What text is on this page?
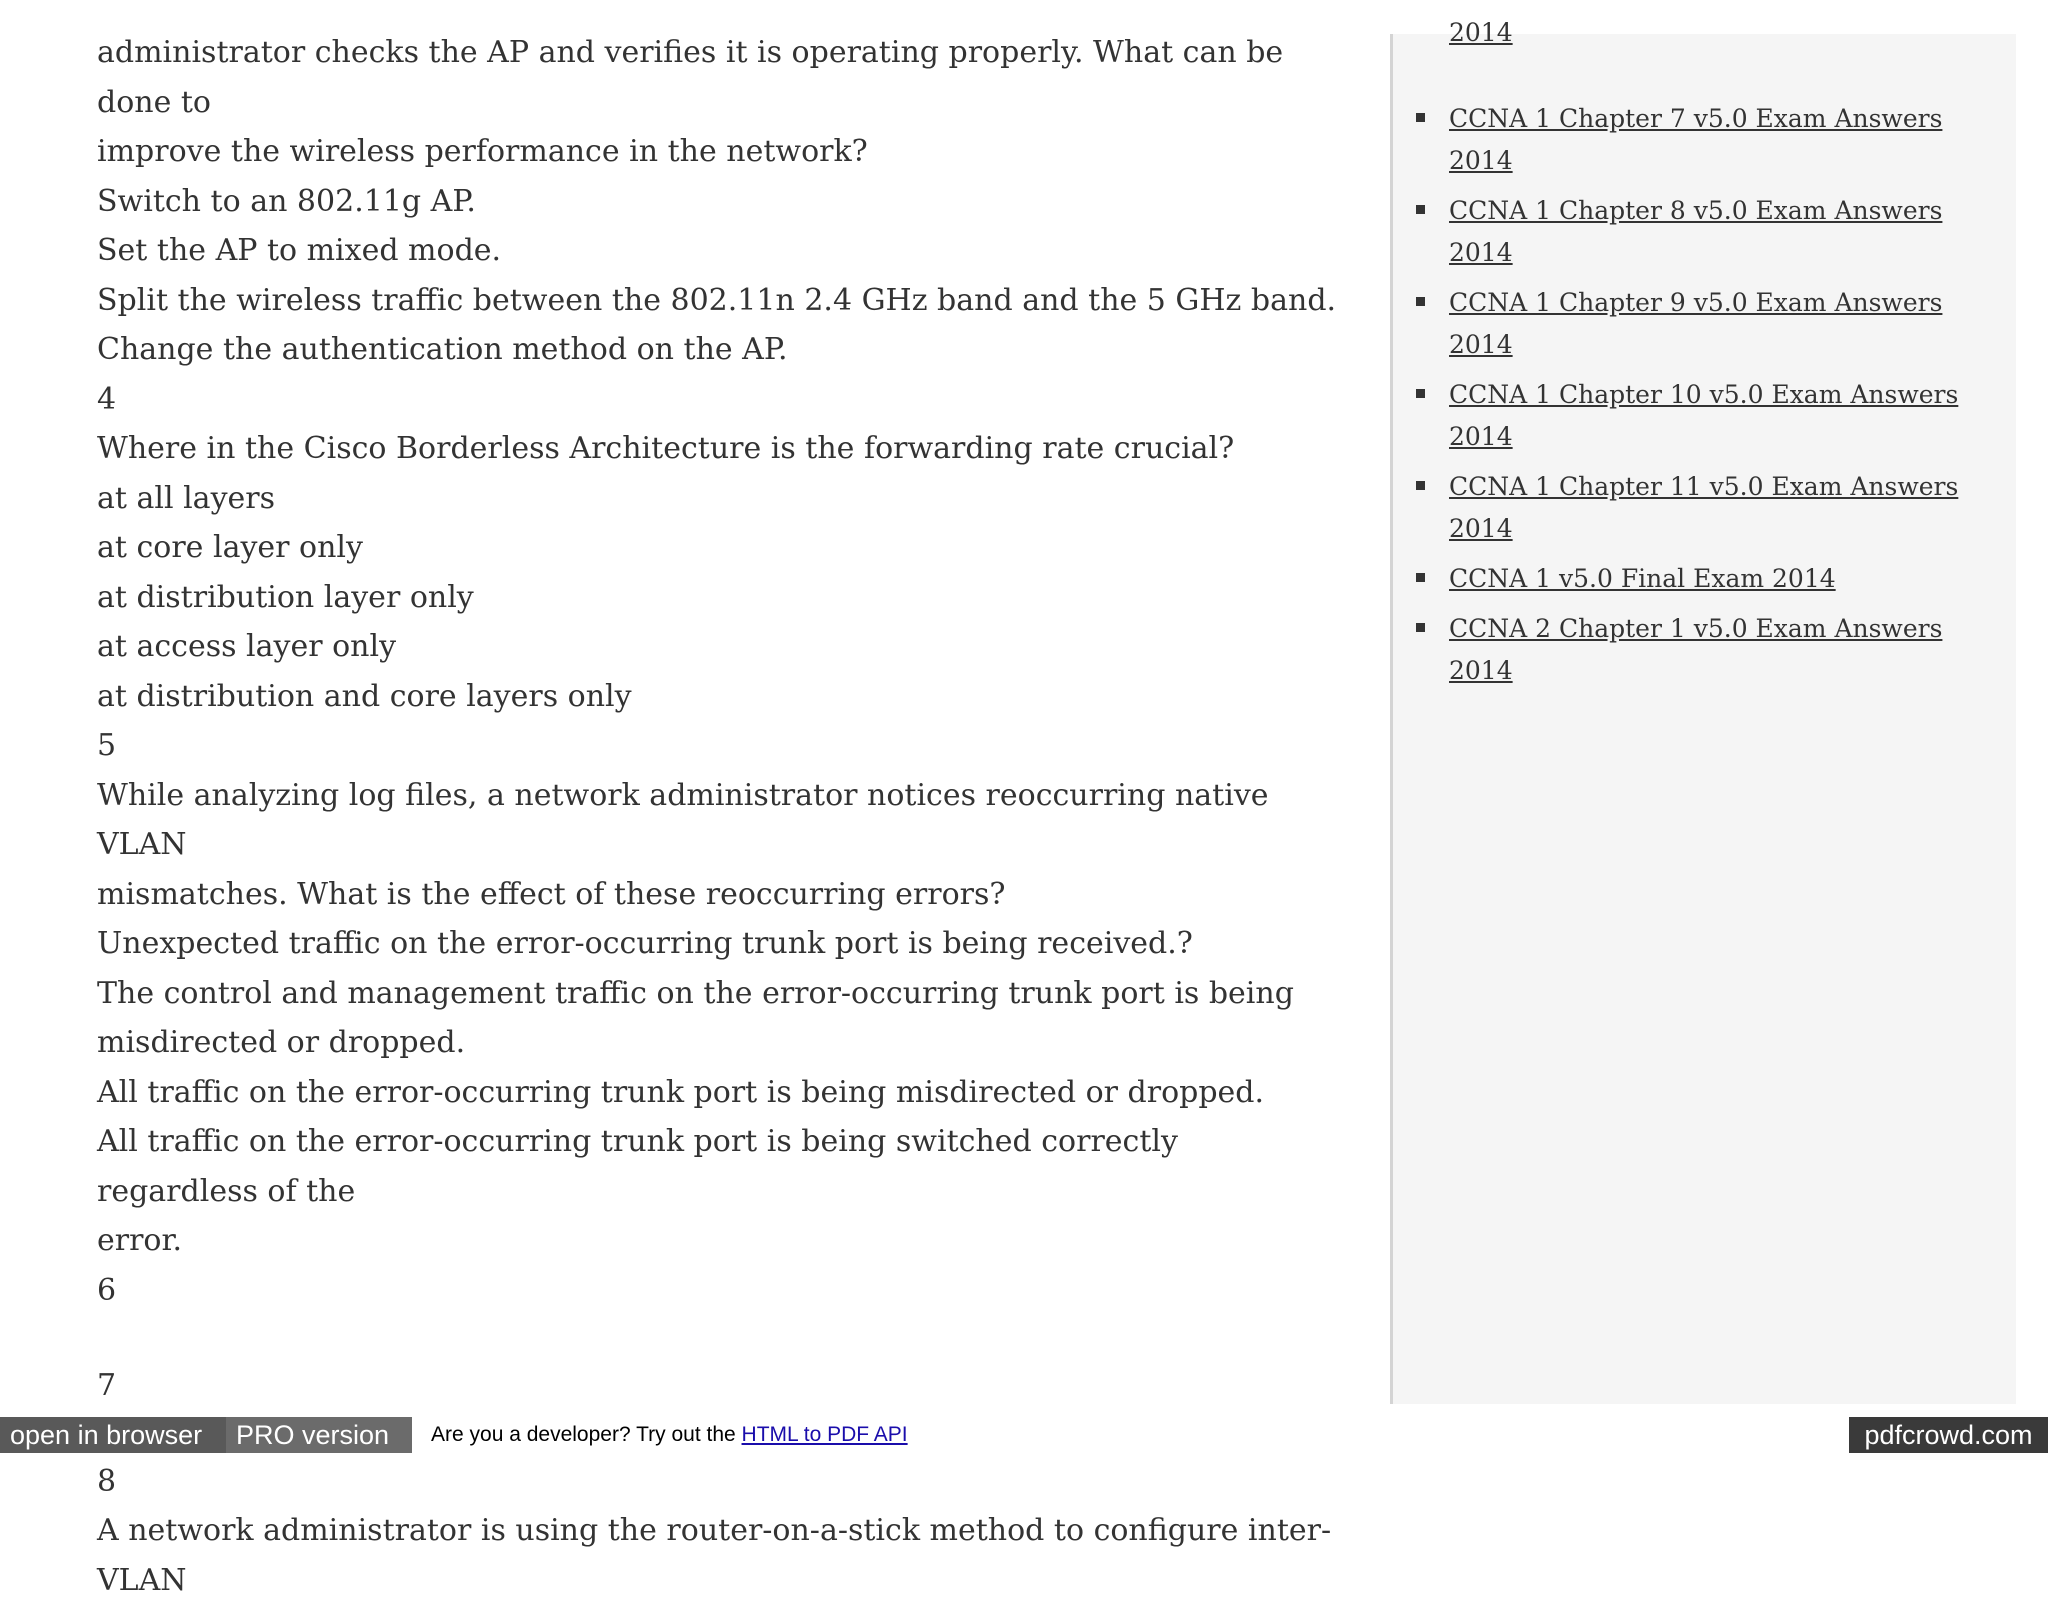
administrator checks the AP and verifies it is operating properly. What can be done to

improve the wireless performance in the network?

Switch to an 802.11g AP.

Set the AP to mixed mode.

Split the wireless traffic between the 802.11n 2.4 GHz band and the 5 GHz band.

Change the authentication method on the AP.

4

Where in the Cisco Borderless Architecture is the forwarding rate crucial?

at all layers

at core layer only

at distribution layer only

at access layer only

at distribution and core layers only

5

While analyzing log files, a network administrator notices reoccurring native VLAN

mismatches. What is the effect of these reoccurring errors?

Unexpected traffic on the error-occurring trunk port is being received.?

The control and management traffic on the error-occurring trunk port is being

misdirected or dropped.

All traffic on the error-occurring trunk port is being misdirected or dropped.

All traffic on the error-occurring trunk port is being switched correctly regardless of the

error.

6

7

8

A network administrator is using the router-on-a-stick method to configure inter-VLAN

2014
CCNA 1 Chapter 7 v5.0 Exam Answers 2014
CCNA 1 Chapter 8 v5.0 Exam Answers 2014
CCNA 1 Chapter 9 v5.0 Exam Answers 2014
CCNA 1 Chapter 10 v5.0 Exam Answers 2014
CCNA 1 Chapter 11 v5.0 Exam Answers 2014
CCNA 1 v5.0 Final Exam 2014
CCNA 2 Chapter 1 v5.0 Exam Answers 2014
open in browser	PRO version	Are you a developer? Try out the HTML to PDF API	pdfcrowd.com
